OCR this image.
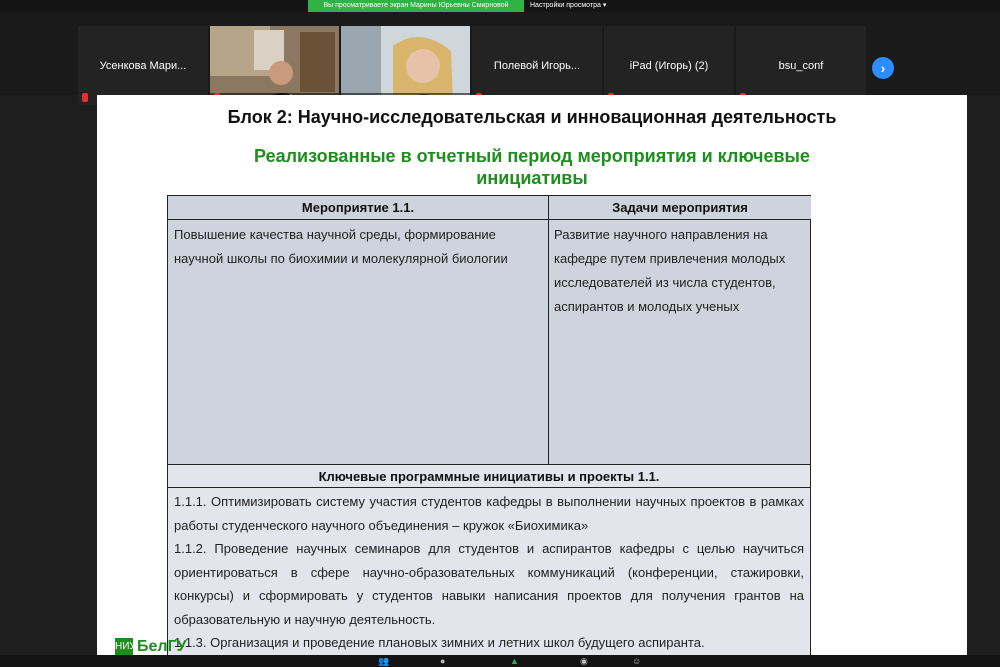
Вы просматриваете экран Марины Юрьевны Смирновой	Настройки просмотра ▾
Усенкова Мари...	Полевой Игорь...	iPad (Игорь) (2)	bsu_conf	›
Блок 2: Научно-исследовательская и инновационная деятельность
Реализованные в отчетный период мероприятия и ключевые
инициативы
Мероприятие 1.1.	Задачи мероприятия
Повышение качества научной среды, формирование научной школы по биохимии и молекулярной биологии
Развитие научного направления на кафедре путем привлечения молодых исследователей из числа студентов, аспирантов и молодых ученых
Ключевые программные инициативы и проекты 1.1.
1.1.1. Оптимизировать систему участия студентов кафедры в выполнении научных проектов в рамках работы студенческого научного объединения – кружок «Биохимика»
1.1.2. Проведение научных семинаров для студентов и аспирантов кафедры с целью научиться ориентироваться в сфере научно-образовательных коммуникаций (конференции, стажировки, конкурсы) и сформировать у студентов навыки написания проектов для получения грантов на образовательную и научную деятельность.
1.1.3. Организация и проведение плановых зимних и летних школ будущего аспиранта.
НИУ БелГУ
👥	●	▲	◉	☺
